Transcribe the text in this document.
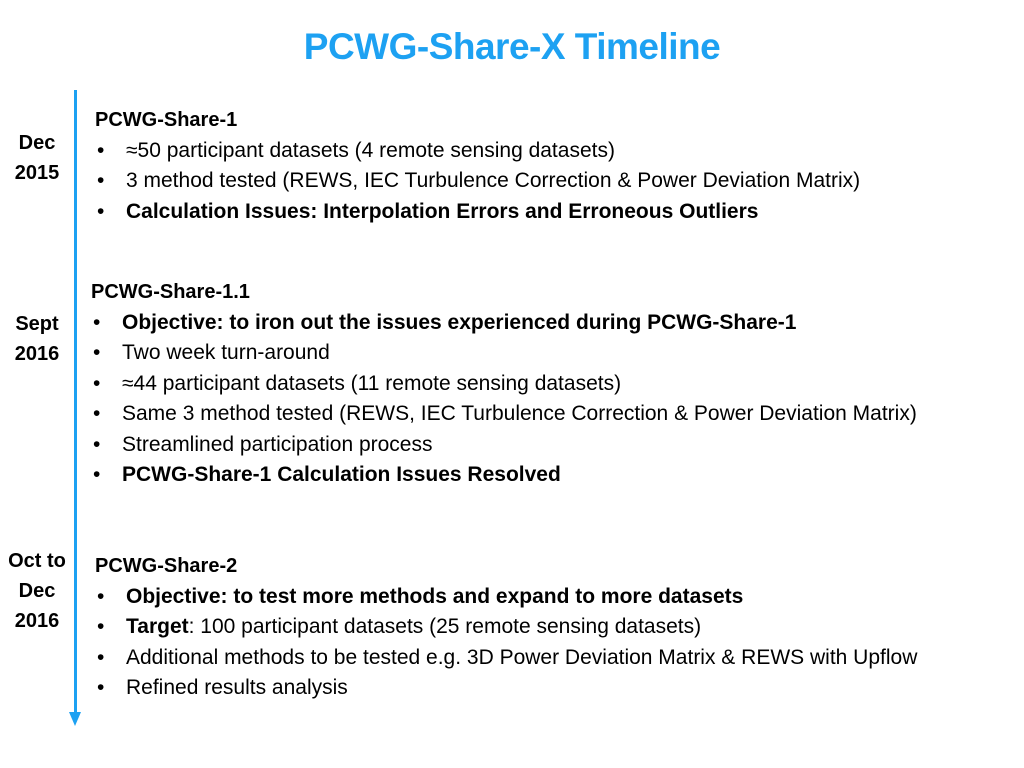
PCWG-Share-X Timeline
Dec
2015
Sept
2016
Oct to
Dec
2016
PCWG-Share-1
• ≈50 participant datasets (4 remote sensing datasets)
• 3 method tested (REWS, IEC Turbulence Correction & Power Deviation Matrix)
• Calculation Issues: Interpolation Errors and Erroneous Outliers
PCWG-Share-1.1
• Objective: to iron out the issues experienced during PCWG-Share-1
• Two week turn-around
• ≈44 participant datasets (11 remote sensing datasets)
• Same 3 method tested (REWS, IEC Turbulence Correction & Power Deviation Matrix)
• Streamlined participation process
• PCWG-Share-1 Calculation Issues Resolved
PCWG-Share-2
• Objective: to test more methods and expand to more datasets
• Target: 100 participant datasets (25 remote sensing datasets)
• Additional methods to be tested e.g. 3D Power Deviation Matrix & REWS with Upflow
• Refined results analysis
